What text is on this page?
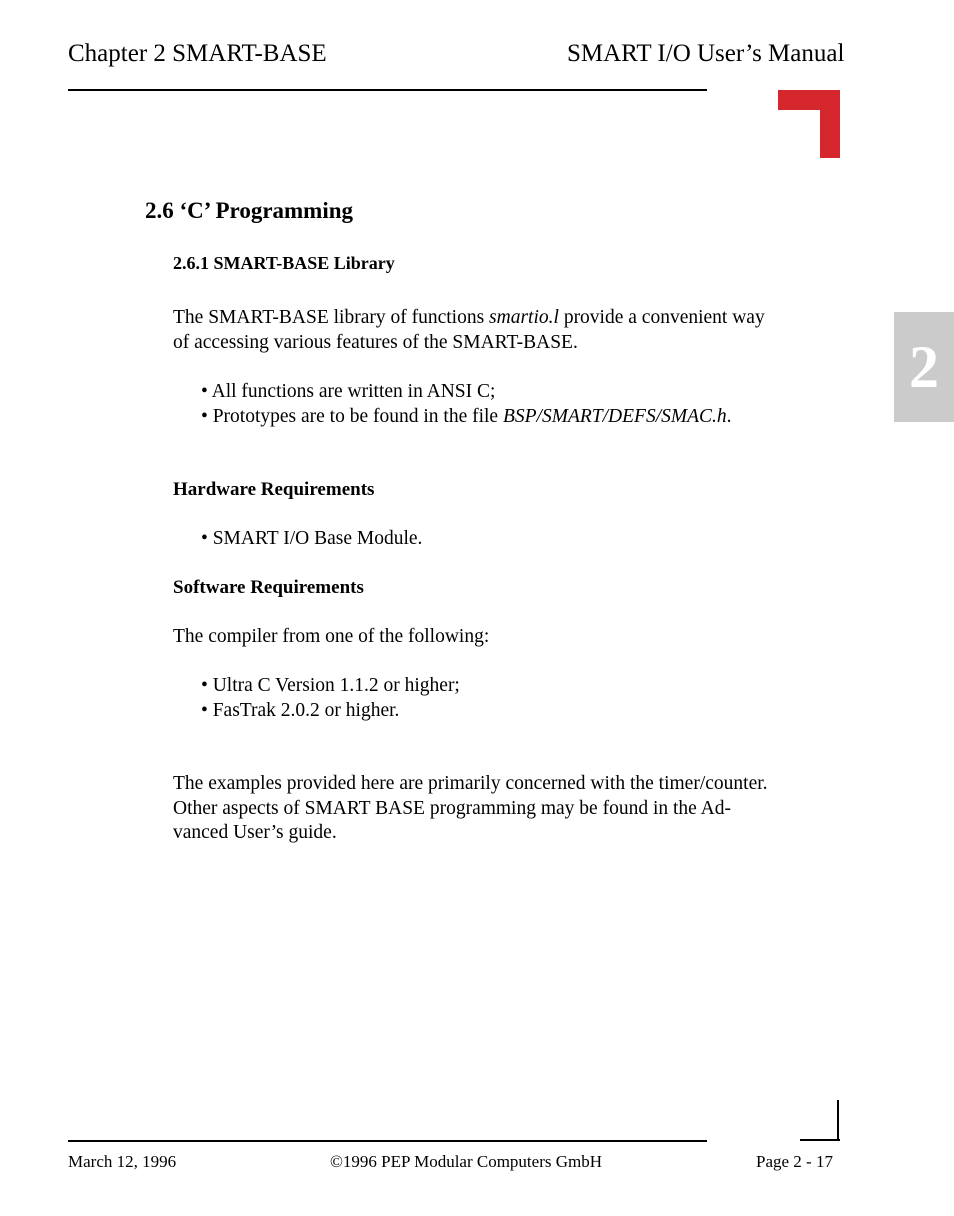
Chapter 2 SMART-BASE	SMART I/O User’s Manual
2
2.6 ‘C’ Programming
2.6.1 SMART-BASE Library
The SMART-BASE library of functions smartio.l provide a convenient way
of accessing various features of the SMART-BASE.
• All functions are written in ANSI C;
• Prototypes are to be found in the file BSP/SMART/DEFS/SMAC.h.
Hardware Requirements
• SMART I/O Base Module.
Software Requirements
The compiler from one of the following:
• Ultra C Version 1.1.2 or higher;
• FasTrak 2.0.2 or higher.
The examples provided here are primarily concerned with the timer/counter.
Other aspects of SMART BASE programming may be found in the Ad-
vanced User’s guide.
March 12, 1996	©1996 PEP Modular Computers GmbH	Page 2 - 17
